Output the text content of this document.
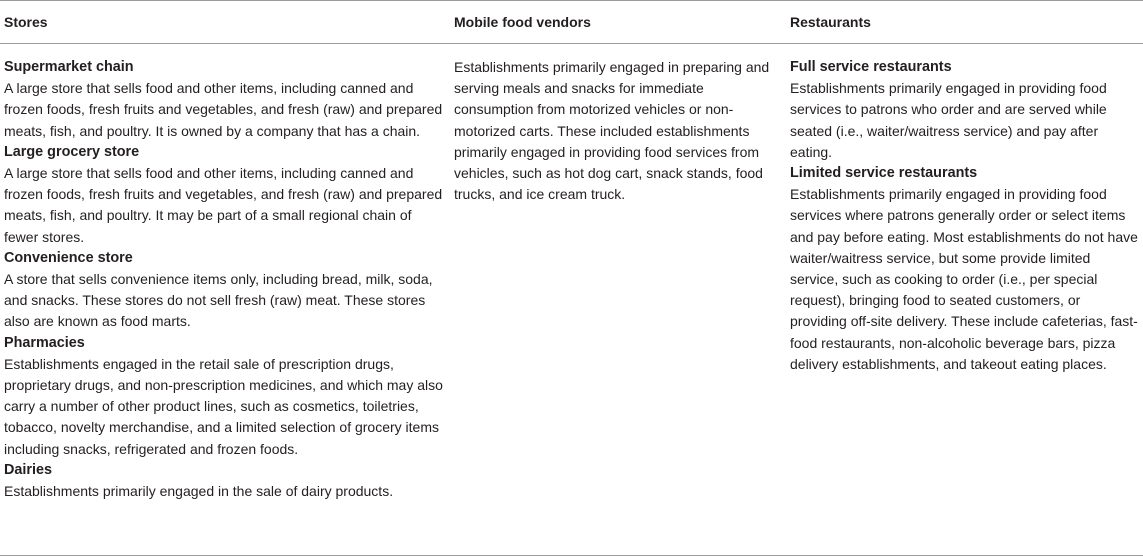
Stores	Mobile food vendors	Restaurants
Supermarket chain
A large store that sells food and other items, including canned and frozen foods, fresh fruits and vegetables, and fresh (raw) and prepared meats, fish, and poultry. It is owned by a company that has a chain.
Large grocery store
A large store that sells food and other items, including canned and frozen foods, fresh fruits and vegetables, and fresh (raw) and prepared meats, fish, and poultry. It may be part of a small regional chain of fewer stores.
Convenience store
A store that sells convenience items only, including bread, milk, soda, and snacks. These stores do not sell fresh (raw) meat. These stores also are known as food marts.
Pharmacies
Establishments engaged in the retail sale of prescription drugs, proprietary drugs, and non-prescription medicines, and which may also carry a number of other product lines, such as cosmetics, toiletries, tobacco, novelty merchandise, and a limited selection of grocery items including snacks, refrigerated and frozen foods.
Dairies
Establishments primarily engaged in the sale of dairy products.
Establishments primarily engaged in preparing and serving meals and snacks for immediate consumption from motorized vehicles or non-motorized carts. These included establishments primarily engaged in providing food services from vehicles, such as hot dog cart, snack stands, food trucks, and ice cream truck.
Full service restaurants
Establishments primarily engaged in providing food services to patrons who order and are served while seated (i.e., waiter/waitress service) and pay after eating.
Limited service restaurants
Establishments primarily engaged in providing food services where patrons generally order or select items and pay before eating. Most establishments do not have waiter/waitress service, but some provide limited service, such as cooking to order (i.e., per special request), bringing food to seated customers, or providing off-site delivery. These include cafeterias, fast-food restaurants, non-alcoholic beverage bars, pizza delivery establishments, and takeout eating places.
